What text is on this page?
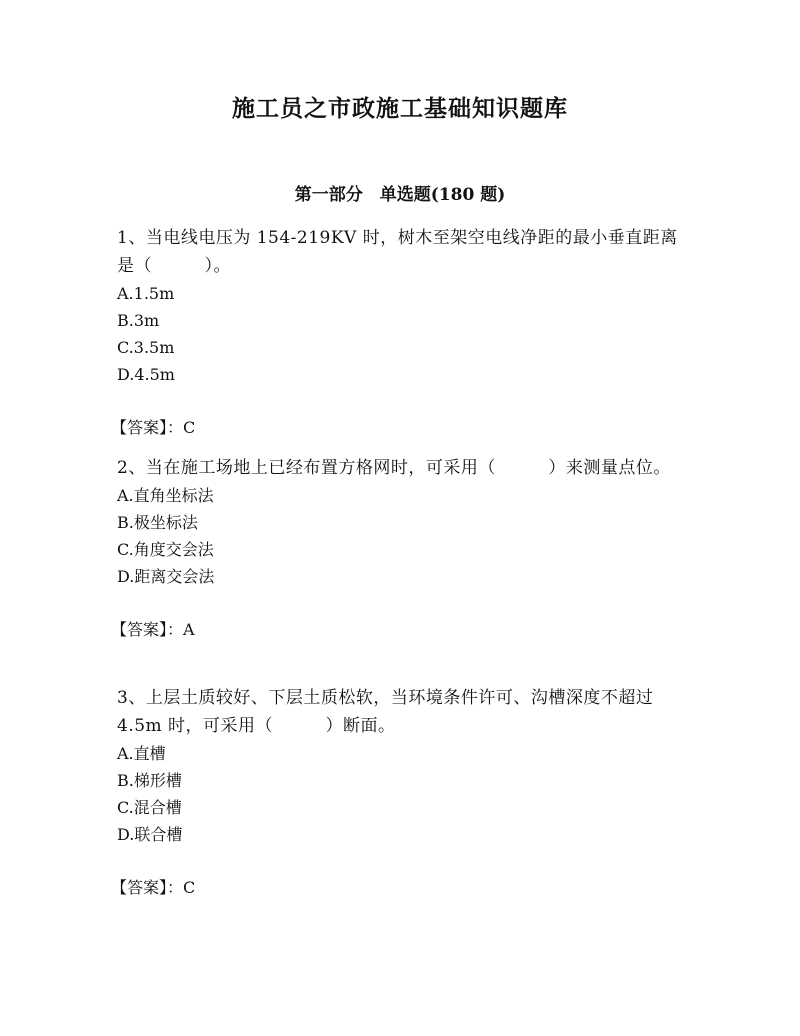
施工员之市政施工基础知识题库
第一部分　单选题(180 题)

1、当电线电压为 154-219KV 时，树木至架空电线净距的最小垂直距离是（　　　）。

A.1.5m
B.3m
C.3.5m
D.4.5m
【答案】：C

2、当在施工场地上已经布置方格网时，可采用（　　　）来测量点位。

A.直角坐标法
B.极坐标法
C.角度交会法
D.距离交会法
【答案】：A

3、上层土质较好、下层土质松软，当环境条件许可、沟槽深度不超过 4.5m 时，可采用（　　　）断面。

A.直槽
B.梯形槽
C.混合槽
D.联合槽
【答案】：C
